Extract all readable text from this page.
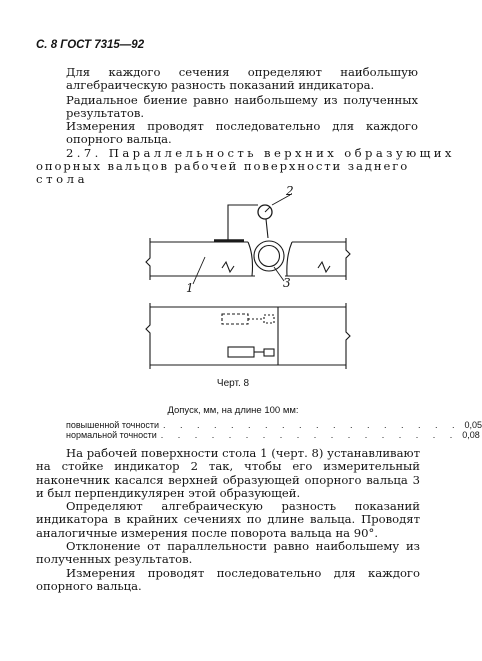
С. 8 ГОСТ 7315—92
Для каждого сечения определяют наибольшую алгебраическую разность показаний индикатора.
Радиальное биение равно наибольшему из полученных результатов.
Измерения проводят последовательно для каждого опорного вальца.
2.7. Параллельность верхних образующих
опорных вальцов рабочей поверхности заднего
стола
1
2
3
Черт. 8
Допуск, мм, на длине 100 мм:
повышенной точности . . . . . . . . . . . . . . . . . . 0,05
нормальной точности . . . . . . . . . . . . . . . . . . 0,08
На рабочей поверхности стола 1 (черт. 8) устанавливают на стойке индикатор 2 так, чтобы его измерительный наконечник касался верхней образующей опорного вальца 3 и был перпендикулярен этой образующей.
Определяют алгебраическую разность показаний индикатора в крайних сечениях по длине вальца. Проводят аналогичные измерения после поворота вальца на 90°.
Отклонение от параллельности равно наибольшему из полученных результатов.
Измерения проводят последовательно для каждого опорного вальца.
